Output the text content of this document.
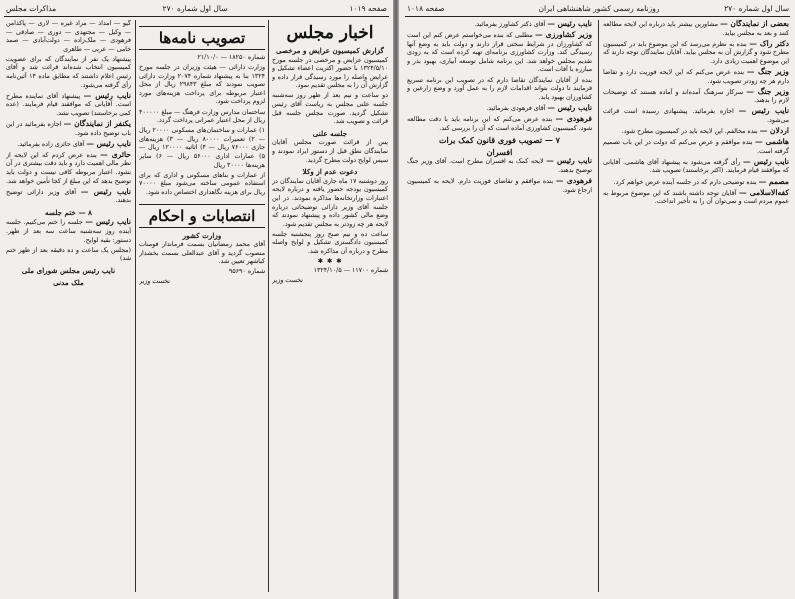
صفحه ۱۰۱۹
سال اول شماره ۲۷۰
مذاکرات مجلس
اخبار مجلس
گزارش کمیسیون عرایض و مرخصی

کمیسیون عرایض و مرخصی در جلسه مورخ ۱۳۲۴/۵/۱۰ با حضور اکثریت اعضاء تشکیل و عرایض واصله را مورد رسیدگی قرار داده و گزارش آن را به مجلس تقدیم نمود.

دو ساعت و نیم بعد از ظهر روز سه‌شنبه جلسه علنی مجلس به ریاست آقای رئیس تشکیل گردید. صورت مجلس جلسه قبل قرائت و تصویب شد.

جلسه علنی

پس از قرائت صورت مجلس آقایان نمایندگان نطق قبل از دستور ایراد نمودند و سپس لوایح دولت مطرح گردید.

دعوت عدم از وکلا

روز دوشنبه ۱۷ ماه جاری آقایان نمایندگان در کمیسیون بودجه حضور یافته و درباره لایحه اعتبارات وزارتخانه‌ها مذاکره نمودند. در این جلسه آقای وزیر دارائی توضیحاتی درباره وضع مالی کشور داده و پیشنهاد نمودند که لایحه هر چه زودتر به مجلس تقدیم شود.

ساعت ده و نیم صبح روز پنجشنبه جلسه کمیسیون دادگستری تشکیل و لوایح واصله مطرح و درباره آن مذاکره شد.

✱ ✱ ✱

شماره ۱۱۷۰۰ — ۱۳۲۴/۱۰/۵

نخست وزیر

تصویب نامه‌ها

شماره ۱۸۲۵۰ — ۲۱/۱۰/۰

وزارت دارائی — هیئت وزیران در جلسه مورخ ۱۳۲۴ بنا به پیشنهاد شماره ۲۰۷۴ وزارت دارائی تصویب نمودند که مبلغ ۲۹۸۴۳ ریال از محل اعتبار مربوطه برای پرداخت هزینه‌های مورد لزوم پرداخت شود.

ساختمان مدارس وزارت فرهنگ — مبلغ ۴۰۰۰۰۰ ریال از محل اعتبار عمرانی پرداخت گردد.

۱) عمارات و ساختمان‌های مسکونی ۲۰۰۰۰ ریال — ۲) تعمیرات ۸۰۰۰۰ ریال — ۳) هزینه‌های جاری ۷۶۰۰۰ ریال — ۴) اثاثیه ۱۲۰۰۰۰ ریال — ۵) عمارات اداری ۵۶۰۰۰ ریال — ۶) سایر هزینه‌ها ۳۰۰۰۰ ریال

از عمارات و بناهای مسکونی و اداری که برای استفاده عمومی ساخته می‌شود مبلغ ۷۰۰۰۰ ریال برای هزینه نگاهداری اختصاص داده شود.

انتصابات و احکام
وزارت کشور

آقای محمد رمضانیان بسمت فرماندار فومنات منصوب گردید و آقای عبدالعلی بسمت بخشدار کیاشهر تعیین شد.

شماره ۹۵۶۹۰

نخست وزیر

گیو — امداد — مراد غیره — لاری — پاکدامن — وکیل — مجتهدی — دوری — صادقی — فرهودی — ملک‌زاده — دولت‌آبادی — صمد خامی — عربی — طاهری

پیشنهاد یک نفر از نمایندگان که برای عضویت کمیسیون انتخاب شده‌اند قرائت شد و آقای رئیس اعلام داشتند که مطابق ماده ۱۴ آئین‌نامه رأی گرفته می‌شود.

نایب رئیس — پیشنهاد آقای نماینده مطرح است. آقایانی که موافقند قیام فرمایند. (عده کمی برخاستند) تصویب نشد.

یکنفر از نمایندگان — اجازه بفرمائید در این باب توضیح داده شود.

نایب رئیس — آقای حائری زاده بفرمائید.

حائری — بنده عرض کردم که این لایحه از نظر مالی اهمیت دارد و باید دقت بیشتری در آن بشود. اعتبار مربوطه کافی نیست و دولت باید توضیح بدهد که این مبلغ از کجا تأمین خواهد شد.

نایب رئیس — آقای وزیر دارائی توضیح بدهند.

۸ — ختم جلسه

نایب رئیس — جلسه را ختم می‌کنیم. جلسه آینده روز سه‌شنبه ساعت سه بعد از ظهر. دستور: بقیه لوایح.

(مجلس یک ساعت و ده دقیقه بعد از ظهر ختم شد)

نایب رئیس مجلس شورای ملی
ملک مدنی
سال اول شماره ۲۷۰
روزنامه رسمی کشور شاهنشاهی ایران
صفحه ۱۰۱۸

بعضی از نمایندگان — مشاورین بیشتر باید درباره این لایحه مطالعه کنند و بعد به مجلس بیاید.

دکتر راک — بنده به نظرم می‌رسد که این موضوع باید در کمیسیون مطرح شود و گزارش آن به مجلس بیاید. آقایان نمایندگان توجه دارند که این موضوع اهمیت زیادی دارد.

وزیر جنگ — بنده عرض می‌کنم که این لایحه فوریت دارد و تقاضا دارم هر چه زودتر تصویب شود.

وزیر جنگ — سرکار سرهنگ آمده‌اند و آماده هستند که توضیحات لازم را بدهند.

نایب رئیس — اجازه بفرمائید. پیشنهادی رسیده است قرائت می‌شود.

اردلان — بنده مخالفم. این لایحه باید در کمیسیون مطرح شود.

هاشمی — بنده موافقم و عرض می‌کنم که دولت در این باب تصمیم گرفته است.

نایب رئیس — رأی گرفته می‌شود به پیشنهاد آقای هاشمی. آقایانی که موافقند قیام فرمایند. (اکثر برخاستند) تصویب شد.

مصمم — بنده توضیحی دارم که در جلسه آینده عرض خواهم کرد.

کفه‌الاسلامی — آقایان توجه داشته باشند که این موضوع مربوط به عموم مردم است و نمی‌توان آن را به تأخیر انداخت.

نایب رئیس — آقای دکتر کشاورز بفرمائید.

وزیر کشاورزی — مطلبی که بنده می‌خواستم عرض کنم این است که کشاورزان در شرایط سختی قرار دارند و دولت باید به وضع آنها رسیدگی کند. وزارت کشاورزی برنامه‌ای تهیه کرده است که به زودی تقدیم مجلس خواهد شد. این برنامه شامل توسعه آبیاری، بهبود بذر و مبارزه با آفات است.

بنده از آقایان نمایندگان تقاضا دارم که در تصویب این برنامه تسریع فرمایند تا دولت بتواند اقدامات لازم را به عمل آورد و وضع زارعین و کشاورزان بهبود یابد.

نایب رئیس — آقای فرهودی بفرمائید.

فرهودی — بنده عرض می‌کنم که این برنامه باید با دقت مطالعه شود. کمیسیون کشاورزی آماده است که آن را بررسی کند.

۷ — تصویب فوری قانون کمک برات
افسران

نایب رئیس — لایحه کمک به افسران مطرح است. آقای وزیر جنگ توضیح بدهند.

فرهودی — بنده موافقم و تقاضای فوریت دارم. لایحه به کمیسیون ارجاع شود.
